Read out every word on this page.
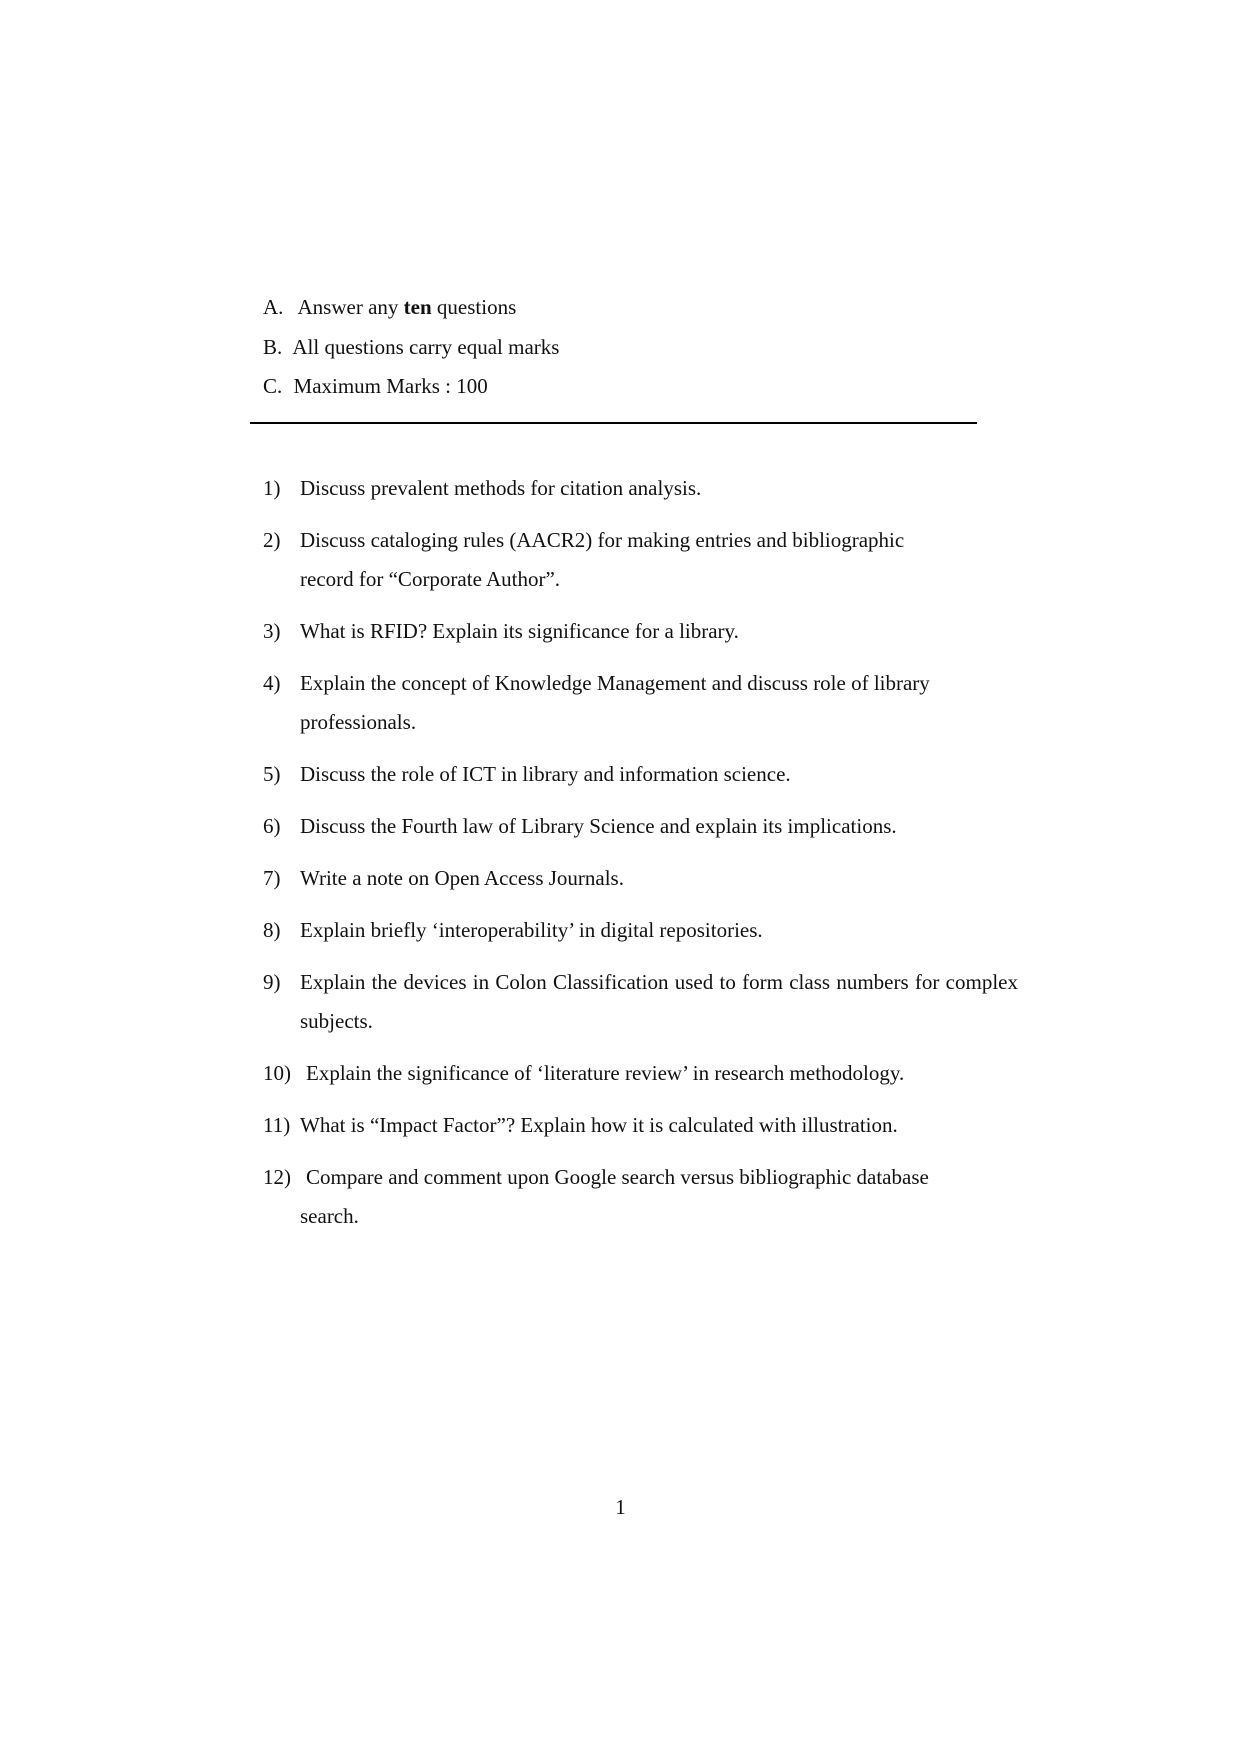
A. Answer any ten questions
B. All questions carry equal marks
C. Maximum Marks : 100
1) Discuss prevalent methods for citation analysis.
2) Discuss cataloging rules (AACR2) for making entries and bibliographic record for “Corporate Author”.
3) What is RFID? Explain its significance for a library.
4) Explain the concept of Knowledge Management and discuss role of library professionals.
5) Discuss the role of ICT in library and information science.
6) Discuss the Fourth law of Library Science and explain its implications.
7) Write a note on Open Access Journals.
8) Explain briefly ‘interoperability’ in digital repositories.
9) Explain the devices in Colon Classification used to form class numbers for complex subjects.
10) Explain the significance of ‘literature review’ in research methodology.
11) What is “Impact Factor”? Explain how it is calculated with illustration.
12) Compare and comment upon Google search versus bibliographic database search.
1
